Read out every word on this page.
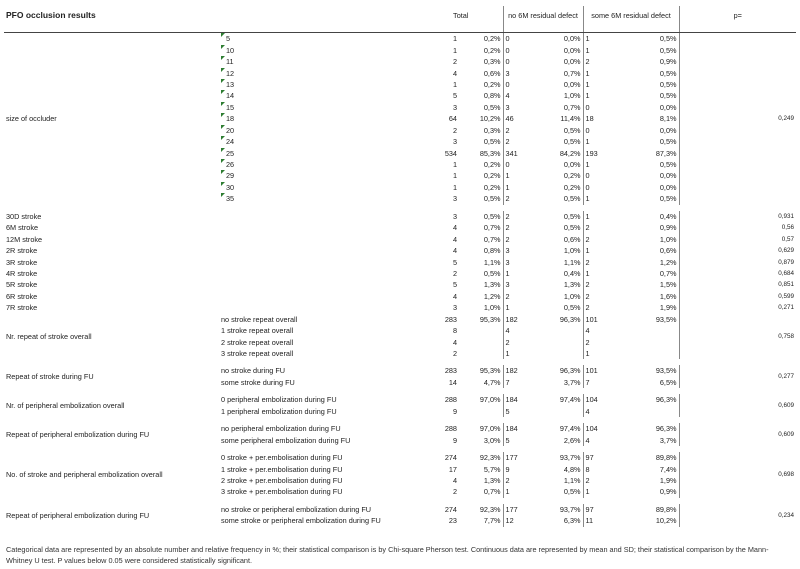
PFO occlusion results		Total		no 6M residual defect		some 6M residual defect		p=
size of occluder	5	1	0,2%	0	0,0%	1	0,5%	0,249
	10	1	0,2%	0	0,0%	1	0,5%	
	11	2	0,3%	0	0,0%	2	0,9%	
	12	4	0,6%	3	0,7%	1	0,5%	
	13	1	0,2%	0	0,0%	1	0,5%	
	14	5	0,8%	4	1,0%	1	0,5%	
	15	3	0,5%	3	0,7%	0	0,0%	
	18	64	10,2%	46	11,4%	18	8,1%	
	20	2	0,3%	2	0,5%	0	0,0%	
	24	3	0,5%	2	0,5%	1	0,5%	
	25	534	85,3%	341	84,2%	193	87,3%	
	26	1	0,2%	0	0,0%	1	0,5%	
	29	1	0,2%	1	0,2%	0	0,0%	
	30	1	0,2%	1	0,2%	0	0,0%	
	35	3	0,5%	2	0,5%	1	0,5%	

30D stroke		3	0,5%	2	0,5%	1	0,4%	0,931
6M stroke		4	0,7%	2	0,5%	2	0,9%	0,56
12M stroke		4	0,7%	2	0,6%	2	1,0%	0,57
2R stroke		4	0,8%	3	1,0%	1	0,6%	0,629
3R stroke		5	1,1%	3	1,1%	2	1,2%	0,879
4R stroke		2	0,5%	1	0,4%	1	0,7%	0,684
5R stroke		5	1,3%	3	1,3%	2	1,5%	0,851
6R stroke		4	1,2%	2	1,0%	2	1,6%	0,599
7R stroke		3	1,0%	1	0,5%	2	1,9%	0,271
Nr. repeat of stroke overall	no stroke repeat overall	283	95,3%	182	96,3%	101	93,5%	0,758
	1 stroke repeat overall	8		4		4		
	2 stroke repeat overall	4		2		2		
	3 stroke repeat overall	2		1		1		

Repeat of stroke during FU	no stroke during FU	283	95,3%	182	96,3%	101	93,5%	0,277
	some stroke during FU	14	4,7%	7	3,7%	7	6,5%	

Nr. of peripheral embolization overall	0 peripheral embolization during FU	288	97,0%	184	97,4%	104	96,3%	0,609
	1 peripheral embolization during FU	9		5		4		

Repeat of peripheral embolization during FU	no peripheral embolization during FU	288	97,0%	184	97,4%	104	96,3%	0,609
	some peripheral embolization during FU	9	3,0%	5	2,6%	4	3,7%	

No. of stroke and peripheral embolization overall	0 stroke + per.embolisation during FU	274	92,3%	177	93,7%	97	89,8%	0,698
	1 stroke + per.embolisation during FU	17	5,7%	9	4,8%	8	7,4%	
	2 stroke + per.embolisation during FU	4	1,3%	2	1,1%	2	1,9%	
	3 stroke + per.embolisation during FU	2	0,7%	1	0,5%	1	0,9%	

Repeat of peripheral embolization during FU	no stroke or peripheral embolization during FU	274	92,3%	177	93,7%	97	89,8%	0,234
	some stroke or peripheral embolization during FU	23	7,7%	12	6,3%	11	10,2%	
Categorical data are represented by an absolute number and relative frequency in %; their statistical comparison is by Chi-square Pherson test. Continuous data are represented by mean and SD; their statistical comparison by the Mann-Whitney U test. P values below 0.05 were considered statistically significant.
